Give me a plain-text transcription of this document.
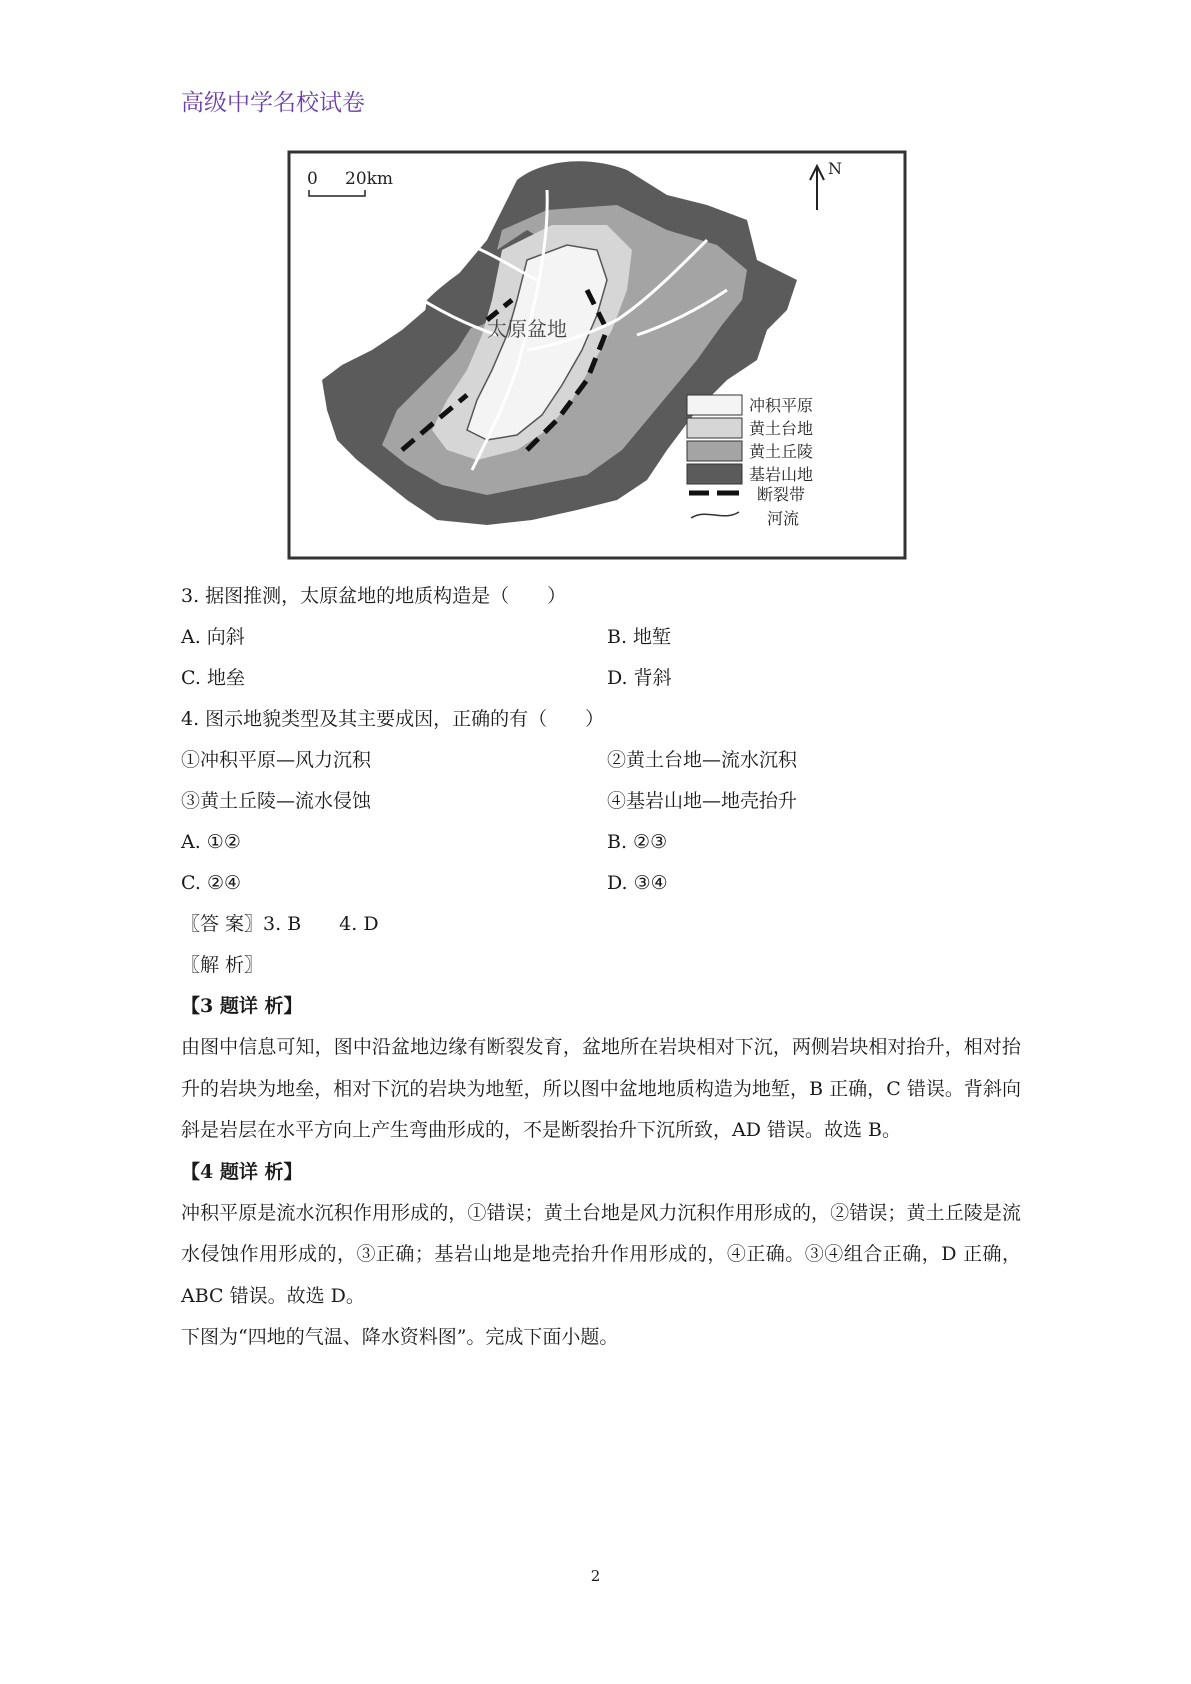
高级中学名校试卷
0 20km
N
太原盆地
冲积平原
黄土台地
黄土丘陵
基岩山地
断裂带
河流
3. 据图推测，太原盆地的地质构造是（　　）
A. 向斜	B. 地堑
C. 地垒	D. 背斜
4. 图示地貌类型及其主要成因，正确的有（　　）
①冲积平原—风力沉积	②黄土台地—流水沉积
③黄土丘陵—流水侵蚀	④基岩山地—地壳抬升
A. ①②	B. ②③
C. ②④	D. ③④
〖答 案〗3. B　　4. D
〖解 析〗
【3 题详 析】

由图中信息可知，图中沿盆地边缘有断裂发育，盆地所在岩块相对下沉，两侧岩块相对抬升，相对抬升的岩块为地垒，相对下沉的岩块为地堑，所以图中盆地地质构造为地堑，B 正确，C 错误。背斜向斜是岩层在水平方向上产生弯曲形成的，不是断裂抬升下沉所致，AD 错误。故选 B。

【4 题详 析】

冲积平原是流水沉积作用形成的，①错误；黄土台地是风力沉积作用形成的，②错误；黄土丘陵是流水侵蚀作用形成的，③正确；基岩山地是地壳抬升作用形成的，④正确。③④组合正确，D 正确，ABC 错误。故选 D。

下图为“四地的气温、降水资料图”。完成下面小题。
2
